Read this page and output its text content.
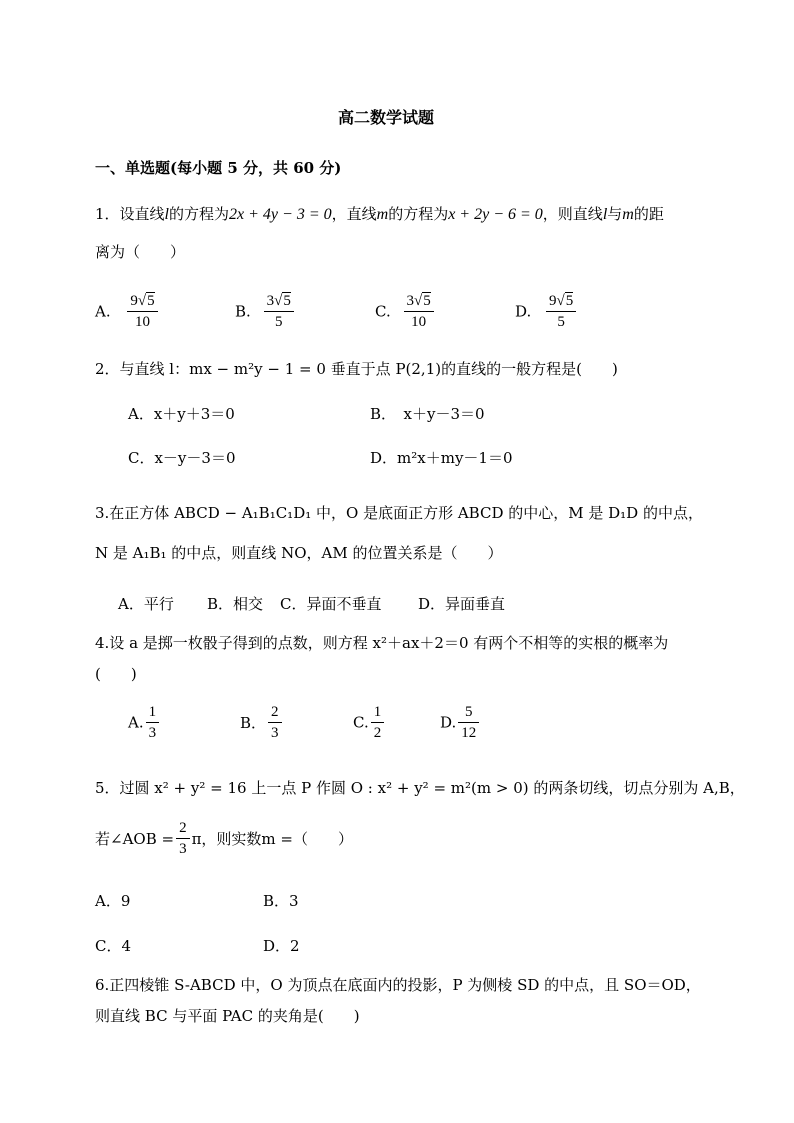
高二数学试题
一、单选题(每小题 5 分，共 60 分)
1．设直线l的方程为2x + 4y − 3 = 0，直线m的方程为x + 2y − 6 = 0，则直线l与m的距
离为（　　）
A. $\frac{9√5}{10}$	B. $\frac{3√5}{5}$	C. $\frac{3√5}{10}$	D. $\frac{9√5}{5}$
2．与直线 l：mx − m²y − 1 = 0 垂直于点 P(2,1)的直线的一般方程是(　　)
A．x＋y＋3＝0	B．　x＋y－3＝0
C．x－y－3＝0	D．m²x＋my－1＝0
3.在正方体 ABCD − A₁B₁C₁D₁ 中，O 是底面正方形 ABCD 的中心，M 是 D₁D 的中点，
N 是 A₁B₁ 的中点，则直线 NO，AM 的位置关系是（　　）
A．平行 B．相交 C．异面不垂直 D．异面垂直
4.设 a 是掷一枚骰子得到的点数，则方程 x²＋ax＋2＝0 有两个不相等的实根的概率为
(　　)
A. $\frac{1}{3}$	B． $\frac{2}{3}$	C. $\frac{1}{2}$	D. $\frac{5}{12}$
5．过圆 x² + y² = 16 上一点 P 作圆 O : x² + y² = m²(m > 0) 的两条切线，切点分别为 A,B，
若∠AOB = $\frac{2}{3}$ π，则实数m =（　　）
A．9	B．3
C．4	D．2
6.正四棱锥 S-ABCD 中，O 为顶点在底面内的投影，P 为侧棱 SD 的中点，且 SO＝OD，
则直线 BC 与平面 PAC 的夹角是(　　)
